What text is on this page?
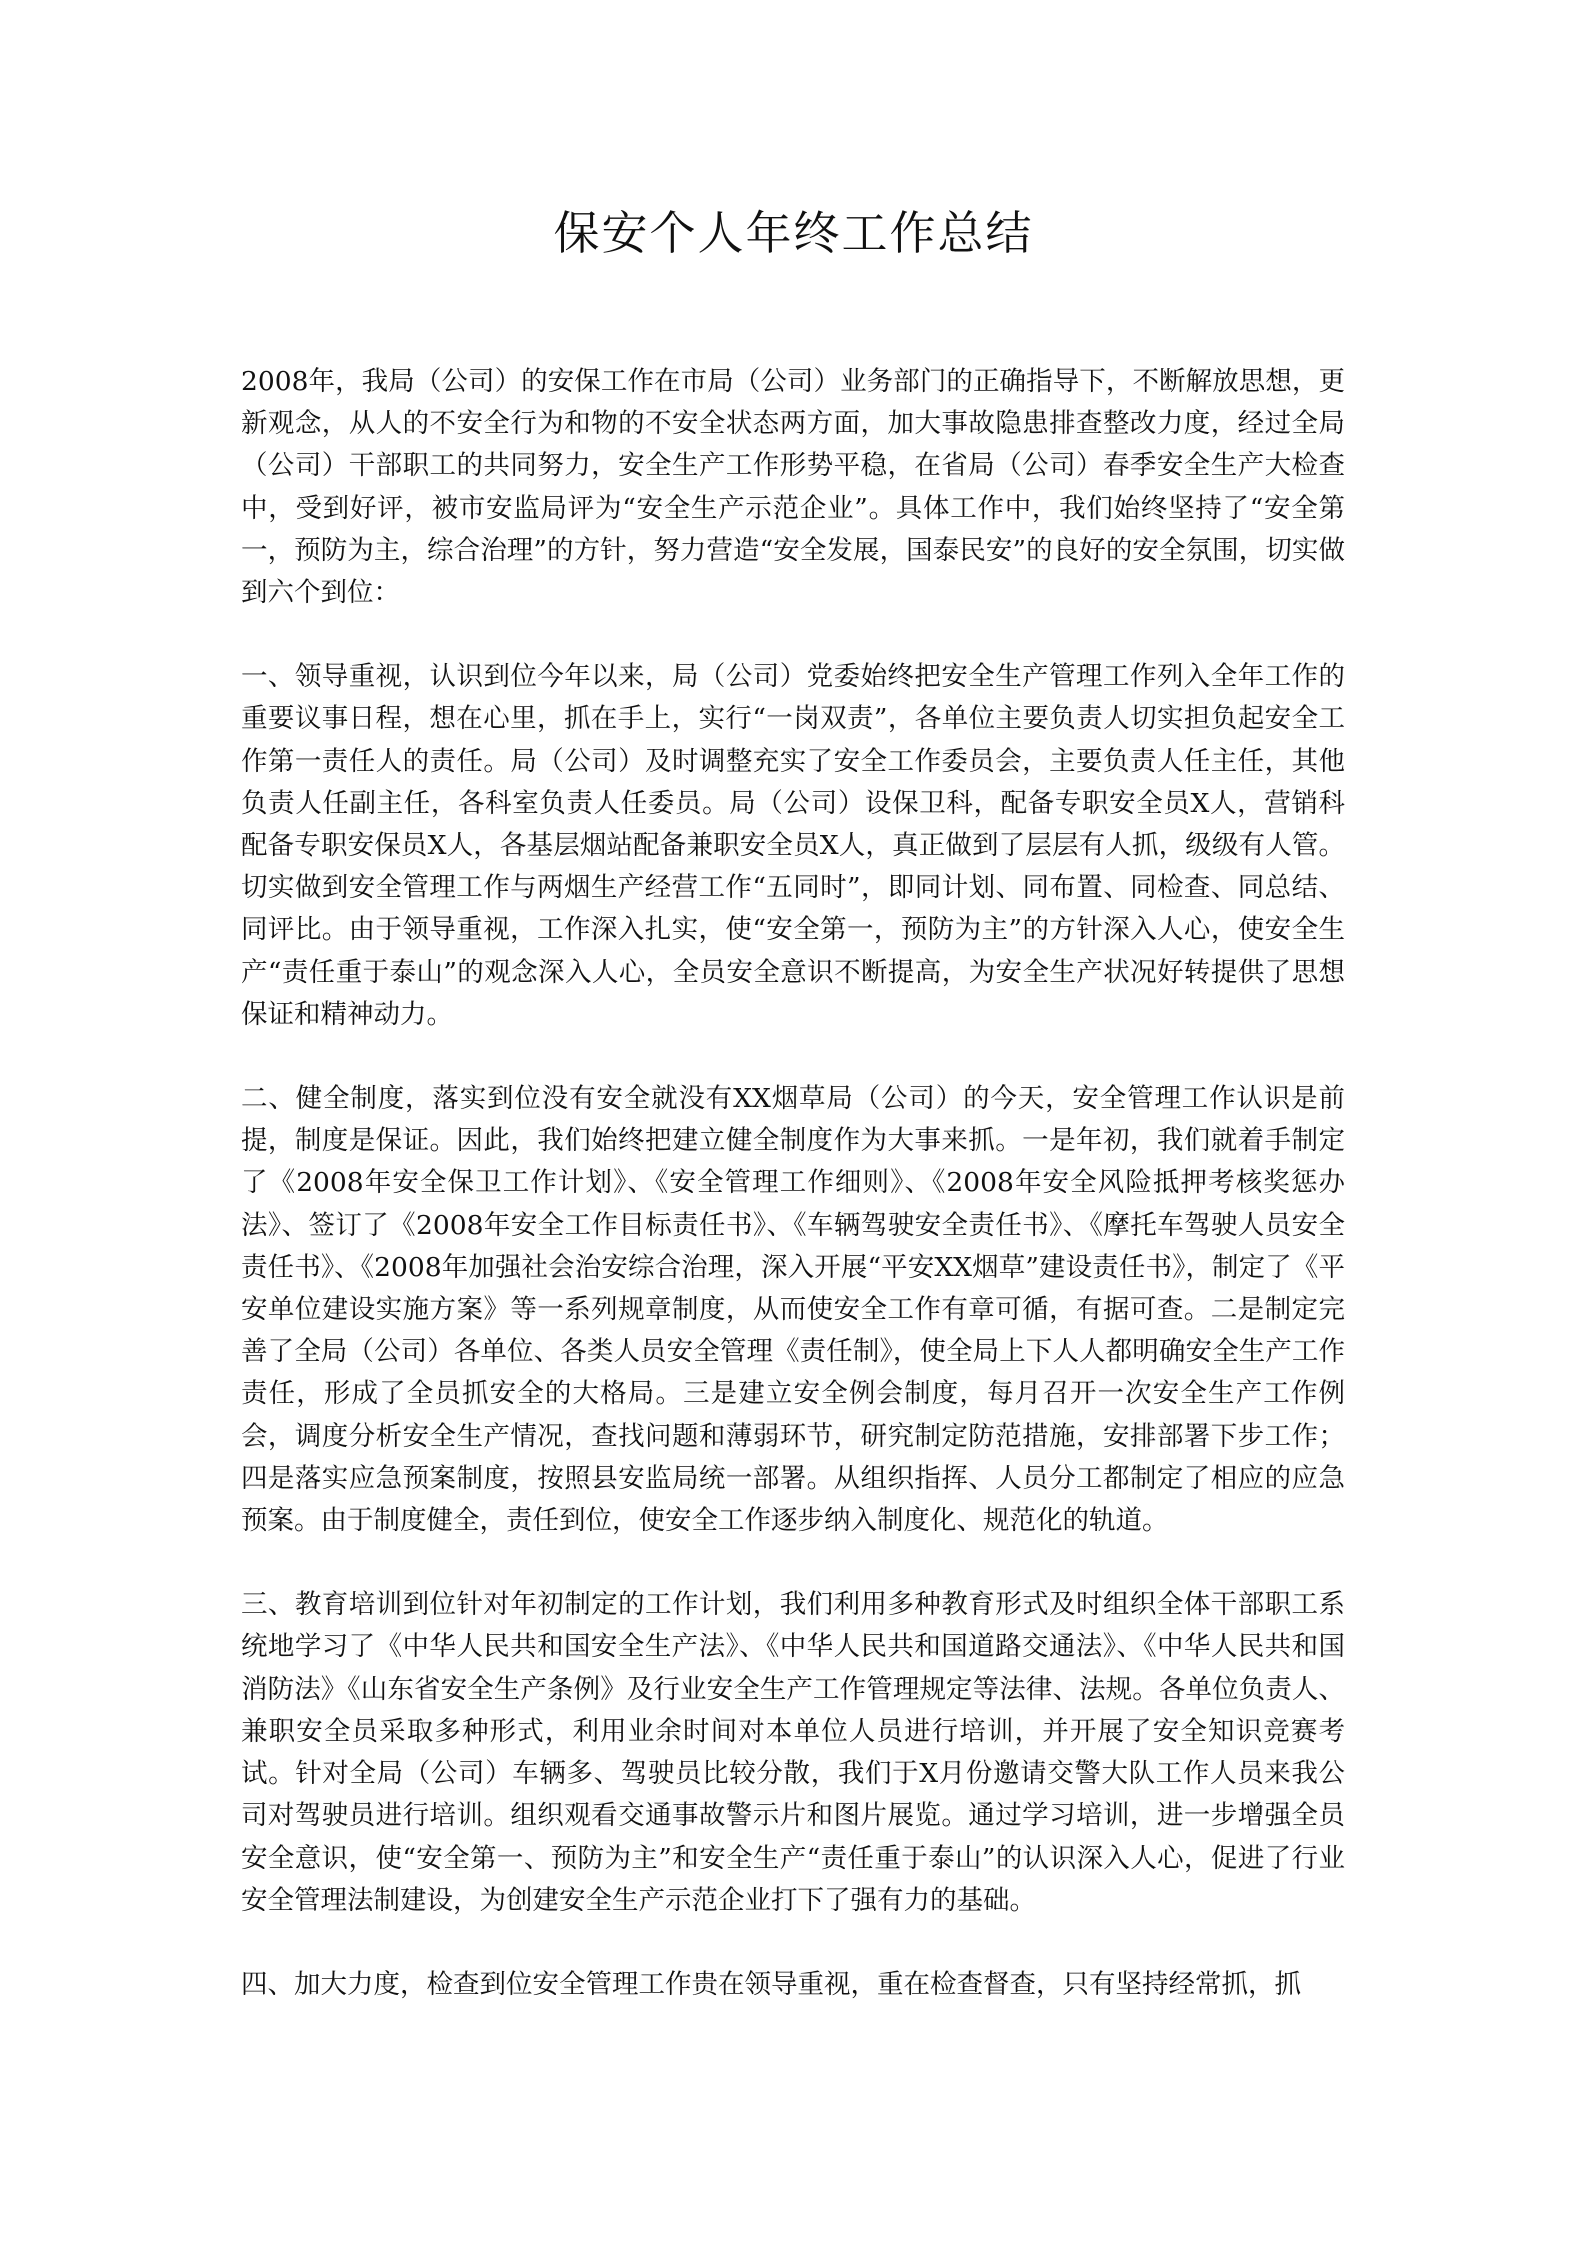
保安个人年终工作总结

2008年，我局（公司）的安保工作在市局（公司）业务部门的正确指导下，不断解放思想，更新观念，从人的不安全行为和物的不安全状态两方面，加大事故隐患排查整改力度，经过全局（公司）干部职工的共同努力，安全生产工作形势平稳，在省局（公司）春季安全生产大检查中，受到好评，被市安监局评为“安全生产示范企业”。具体工作中，我们始终坚持了“安全第一，预防为主，综合治理”的方针，努力营造“安全发展，国泰民安”的良好的安全氛围，切实做到六个到位：

一、领导重视，认识到位今年以来，局（公司）党委始终把安全生产管理工作列入全年工作的重要议事日程，想在心里，抓在手上，实行“一岗双责”，各单位主要负责人切实担负起安全工作第一责任人的责任。局（公司）及时调整充实了安全工作委员会，主要负责人任主任，其他负责人任副主任，各科室负责人任委员。局（公司）设保卫科，配备专职安全员X人，营销科配备专职安保员X人，各基层烟站配备兼职安全员X人，真正做到了层层有人抓，级级有人管。切实做到安全管理工作与两烟生产经营工作“五同时”，即同计划、同布置、同检查、同总结、同评比。由于领导重视，工作深入扎实，使“安全第一，预防为主”的方针深入人心，使安全生产“责任重于泰山”的观念深入人心，全员安全意识不断提高，为安全生产状况好转提供了思想保证和精神动力。

二、健全制度，落实到位没有安全就没有XX烟草局（公司）的今天，安全管理工作认识是前提，制度是保证。因此，我们始终把建立健全制度作为大事来抓。一是年初，我们就着手制定了《2008年安全保卫工作计划》、《安全管理工作细则》、《2008年安全风险抵押考核奖惩办法》、签订了《2008年安全工作目标责任书》、《车辆驾驶安全责任书》、《摩托车驾驶人员安全责任书》、《2008年加强社会治安综合治理，深入开展“平安XX烟草”建设责任书》，制定了《平安单位建设实施方案》等一系列规章制度，从而使安全工作有章可循，有据可查。二是制定完善了全局（公司）各单位、各类人员安全管理《责任制》，使全局上下人人都明确安全生产工作责任，形成了全员抓安全的大格局。三是建立安全例会制度，每月召开一次安全生产工作例会，调度分析安全生产情况，查找问题和薄弱环节，研究制定防范措施，安排部署下步工作；四是落实应急预案制度，按照县安监局统一部署。从组织指挥、人员分工都制定了相应的应急预案。由于制度健全，责任到位，使安全工作逐步纳入制度化、规范化的轨道。

三、教育培训到位针对年初制定的工作计划，我们利用多种教育形式及时组织全体干部职工系统地学习了《中华人民共和国安全生产法》、《中华人民共和国道路交通法》、《中华人民共和国消防法》《山东省安全生产条例》及行业安全生产工作管理规定等法律、法规。各单位负责人、兼职安全员采取多种形式，利用业余时间对本单位人员进行培训，并开展了安全知识竞赛考试。针对全局（公司）车辆多、驾驶员比较分散，我们于X月份邀请交警大队工作人员来我公司对驾驶员进行培训。组织观看交通事故警示片和图片展览。通过学习培训，进一步增强全员安全意识，使“安全第一、预防为主”和安全生产“责任重于泰山”的认识深入人心，促进了行业安全管理法制建设，为创建安全生产示范企业打下了强有力的基础。

四、加大力度，检查到位安全管理工作贵在领导重视，重在检查督查，只有坚持经常抓，抓
